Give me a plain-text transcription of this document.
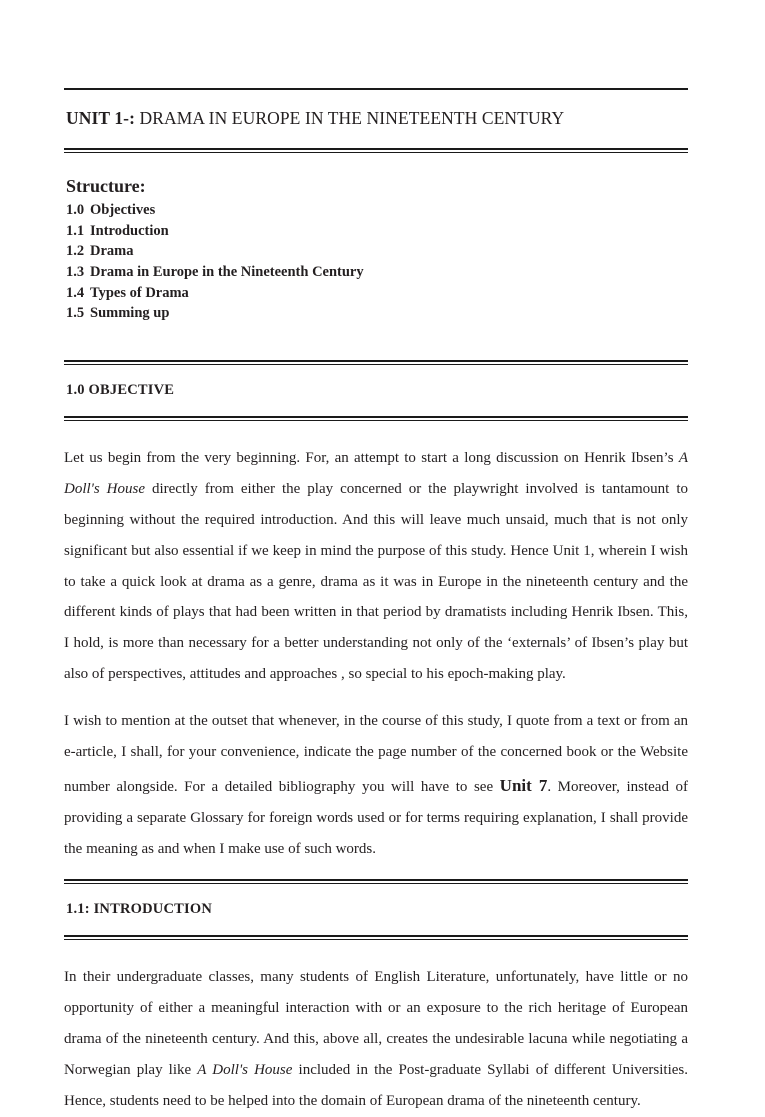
UNIT 1-: DRAMA IN EUROPE IN THE NINETEENTH CENTURY
Structure:
1.0 Objectives
1.1 Introduction
1.2 Drama
1.3 Drama in Europe in the Nineteenth Century
1.4 Types of Drama
1.5 Summing up
1.0 OBJECTIVE

Let us begin from the very beginning. For, an attempt to start a long discussion on Henrik Ibsen’s A Doll's House directly from either the play concerned or the playwright involved is tantamount to beginning without the required introduction. And this will leave much unsaid, much that is not only significant but also essential if we keep in mind the purpose of this study. Hence Unit 1, wherein I wish to take a quick look at drama as a genre, drama as it was in Europe in the nineteenth century and the different kinds of plays that had been written in that period by dramatists including Henrik Ibsen. This, I hold, is more than necessary for a better understanding not only of the ‘externals’ of Ibsen’s play but also of perspectives, attitudes and approaches , so special to his epoch-making play.

I wish to mention at the outset that whenever, in the course of this study, I quote from a text or from an e-article, I shall, for your convenience, indicate the page number of the concerned book or the Website number alongside. For a detailed bibliography you will have to see Unit 7. Moreover, instead of providing a separate Glossary for foreign words used or for terms requiring explanation, I shall provide the meaning as and when I make use of such words.

1.1: INTRODUCTION

In their undergraduate classes, many students of English Literature, unfortunately, have little or no opportunity of either a meaningful interaction with or an exposure to the rich heritage of European drama of the nineteenth century. And this, above all, creates the undesirable lacuna while negotiating a Norwegian play like A Doll's House included in the Post-graduate Syllabi of different Universities. Hence, students need to be helped into the domain of European drama of the nineteenth century.
